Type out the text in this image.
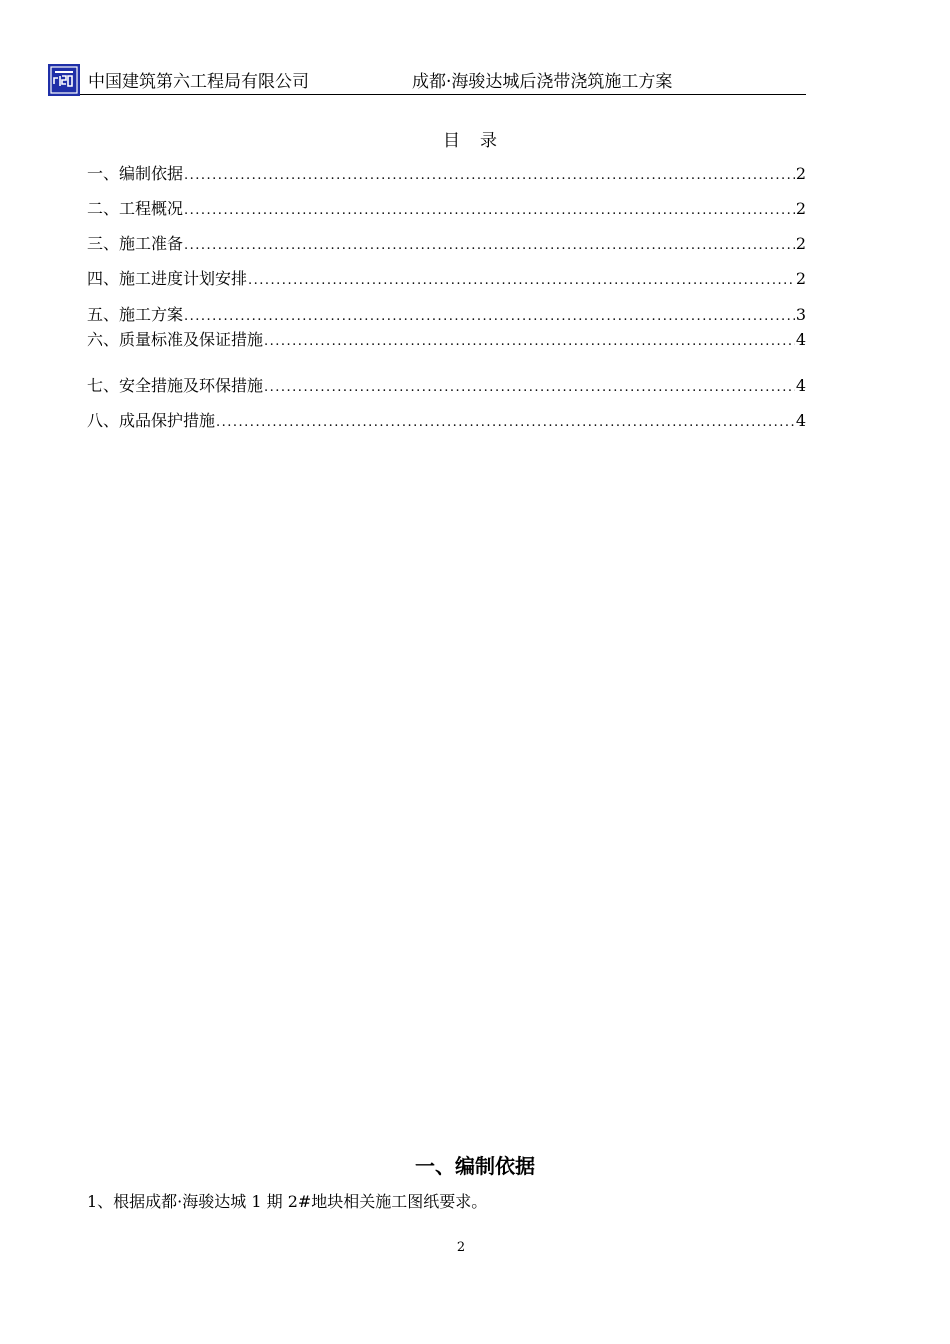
中国建筑第六工程局有限公司	成都·海骏达城后浇带浇筑施工方案
目录
一、编制依据 .....	2
二、工程概况 .....	2
三、施工准备 .....	2
四、施工进度计划安排 .....	2
五、施工方案 .....	3
六、质量标准及保证措施 .....	4
七、安全措施及环保措施 .....	4
八、成品保护措施 .....	4
一、编制依据
1、根据成都·海骏达城 1 期 2#地块相关施工图纸要求。
2
